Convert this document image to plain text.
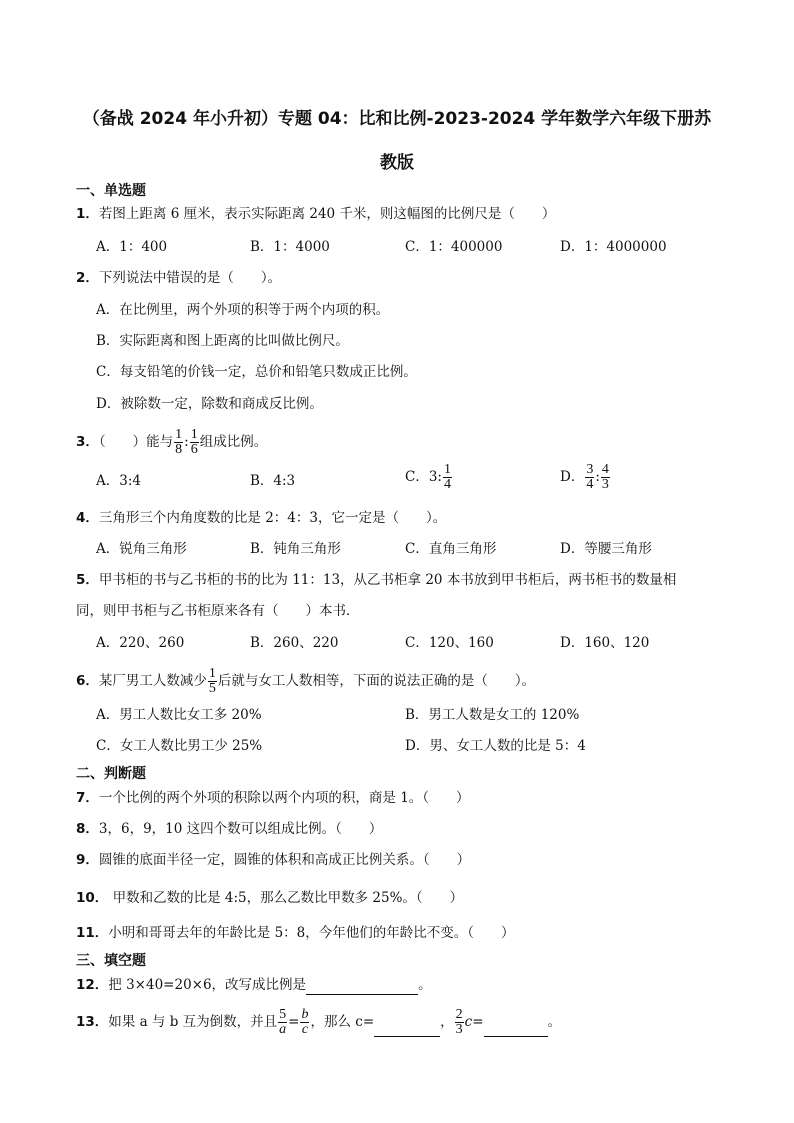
（备战 2024 年小升初）专题 04：比和比例-2023-2024 学年数学六年级下册苏
教版
一、单选题
1．若图上距离 6 厘米，表示实际距离 240 千米，则这幅图的比例尺是（　　）
A．1：400	B．1：4000	C．1：400000	D．1：4000000
2．下列说法中错误的是（　　）。
A．在比例里，两个外项的积等于两个内项的积。
B．实际距离和图上距离的比叫做比例尺。
C．每支铅笔的价钱一定，总价和铅笔只数成正比例。
D．被除数一定，除数和商成反比例。
3．（　　）能与 $\frac{1}{8}$ : $\frac{1}{6}$ 组成比例。
A．3:4	B．4:3	C．3: $\frac{1}{4}$	D． $\frac{3}{4}$ : $\frac{4}{3}$
4．三角形三个内角度数的比是 2：4：3，它一定是（　　）。
A．锐角三角形	B．钝角三角形	C．直角三角形	D．等腰三角形
5．甲书柜的书与乙书柜的书的比为 11：13，从乙书柜拿 20 本书放到甲书柜后，两书柜书的数量相
同，则甲书柜与乙书柜原来各有（　　）本书．
A．220、260	B．260、220	C．120、160	D．160、120
6．某厂男工人数减少 $\frac{1}{5}$ 后就与女工人数相等，下面的说法正确的是（　　）。
A．男工人数比女工多 20%	B．男工人数是女工的 120%
C．女工人数比男工少 25%	D．男、女工人数的比是 5：4
二、判断题
7．一个比例的两个外项的积除以两个内项的积，商是 1。（　　）
8．3，6，9，10 这四个数可以组成比例。（　　）
9．圆锥的底面半径一定，圆锥的体积和高成正比例关系。（　　）
10． 甲数和乙数的比是 4:5，那么乙数比甲数多 25%。（　　）
11．小明和哥哥去年的年龄比是 5：8，今年他们的年龄比不变。（　　）
三、填空题
12．把 3×40=20×6，改写成比例是	。
13．如果 a 与 b 互为倒数，并且 $\frac{5}{a} = \frac{b}{c}$ ，那么 c=	， $\frac{2}{3} c=$	。
